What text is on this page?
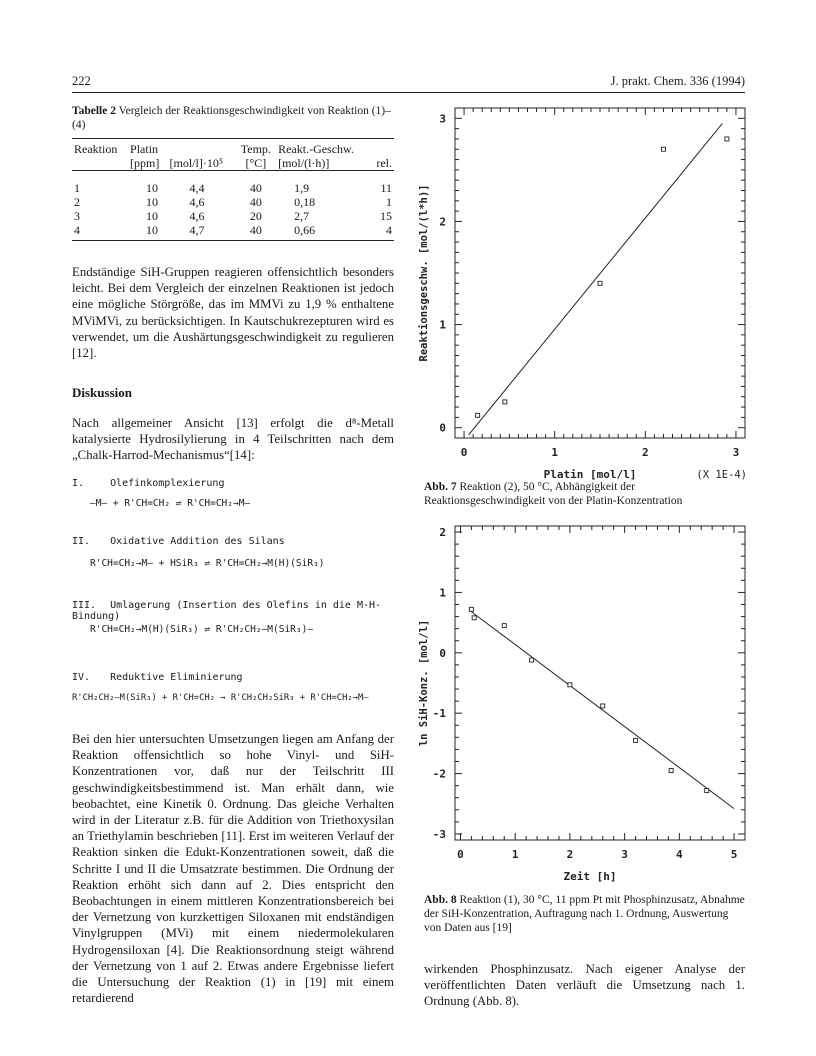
222	J. prakt. Chem. 336 (1994)
Tabelle 2 Vergleich der Reaktionsgeschwindigkeit von Reaktion (1)–(4)
Reaktion	Platin		Temp.	Reakt.-Geschw.	
	[ppm]	[mol/l]·10⁵	[°C]	[mol/(l·h)]	rel.

1	10	4,4	40	1,9	11
2	10	4,6	40	0,18	1
3	10	4,6	20	2,7	15
4	10	4,7	40	0,66	4

Endständige SiH-Gruppen reagieren offensichtlich besonders leicht. Bei dem Vergleich der einzelnen Reaktionen ist jedoch eine mögliche Störgröße, das im MMVi zu 1,9 % enthaltene MViMVi, zu berücksichtigen. In Kautschukrezepturen wird es verwendet, um die Aushärtungsgeschwindigkeit zu regulieren [12].

Diskussion

Nach allgemeiner Ansicht [13] erfolgt die d⁸-Metall katalysierte Hydrosilylierung in 4 Teilschritten nach dem „Chalk-Harrod-Mechanismus“[14]:

I.	Olefinkomplexierung
—M— + R'CH=CH₂ ⇌ R'CH=CH₂→M—
II. Oxidative Addition des Silans
R'CH=CH₂→M— + HSiR₃ ⇌ R'CH=CH₂→M(H)(SiR₃)
III. Umlagerung (Insertion des Olefins in die M-H-Bindung)
R'CH=CH₂→M(H)(SiR₃) ⇌ R'CH₂CH₂—M(SiR₃)—
IV. Reduktive Eliminierung
R'CH₂CH₂—M(SiR₃) + R'CH=CH₂ → R'CH₂CH₂SiR₃ + R'CH=CH₂→M—

Bei den hier untersuchten Umsetzungen liegen am Anfang der Reaktion offensichtlich so hohe Vinyl- und SiH-Konzentrationen vor, daß nur der Teilschritt III geschwindigkeitsbestimmend ist. Man erhält dann, wie beobachtet, eine Kinetik 0. Ordnung. Das gleiche Verhalten wird in der Literatur z.B. für die Addition von Triethoxysilan an Triethylamin beschrieben [11]. Erst im weiteren Verlauf der Reaktion sinken die Edukt-Konzentrationen soweit, daß die Schritte I und II die Umsatzrate bestimmen. Die Ordnung der Reaktion erhöht sich dann auf 2. Dies entspricht den Beobachtungen in einem mittleren Konzentrationsbereich bei der Vernetzung von kurzkettigen Siloxanen mit endständigen Vinylgruppen (MVi) mit einem niedermolekularen Hydrogensiloxan [4]. Die Reaktionsordnung steigt während der Vernetzung von 1 auf 2. Etwas andere Ergebnisse liefert die Untersuchung der Reaktion (1) in [19] mit einem retardierend

0	1	2	3
0
1
2
3
Platin [mol/l]
Reaktionsgeschw. [mol/(l*h)]
(X 1E-4)
Abb. 7 Reaktion (2), 50 °C, Abhängigkeit der Reaktionsgeschwindigkeit von der Platin-Konzentration
0	1	2	3	4	5
-3
-2
-1
0
1
2
Zeit [h]
ln SiH-Konz. [mol/l]
Abb. 8 Reaktion (1), 30 °C, 11 ppm Pt mit Phosphinzusatz, Abnahme der SiH-Konzentration, Auftragung nach 1. Ordnung, Auswertung von Daten aus [19]

wirkenden Phosphinzusatz. Nach eigener Analyse der veröffentlichten Daten verläuft die Umsetzung nach 1. Ordnung (Abb. 8).
